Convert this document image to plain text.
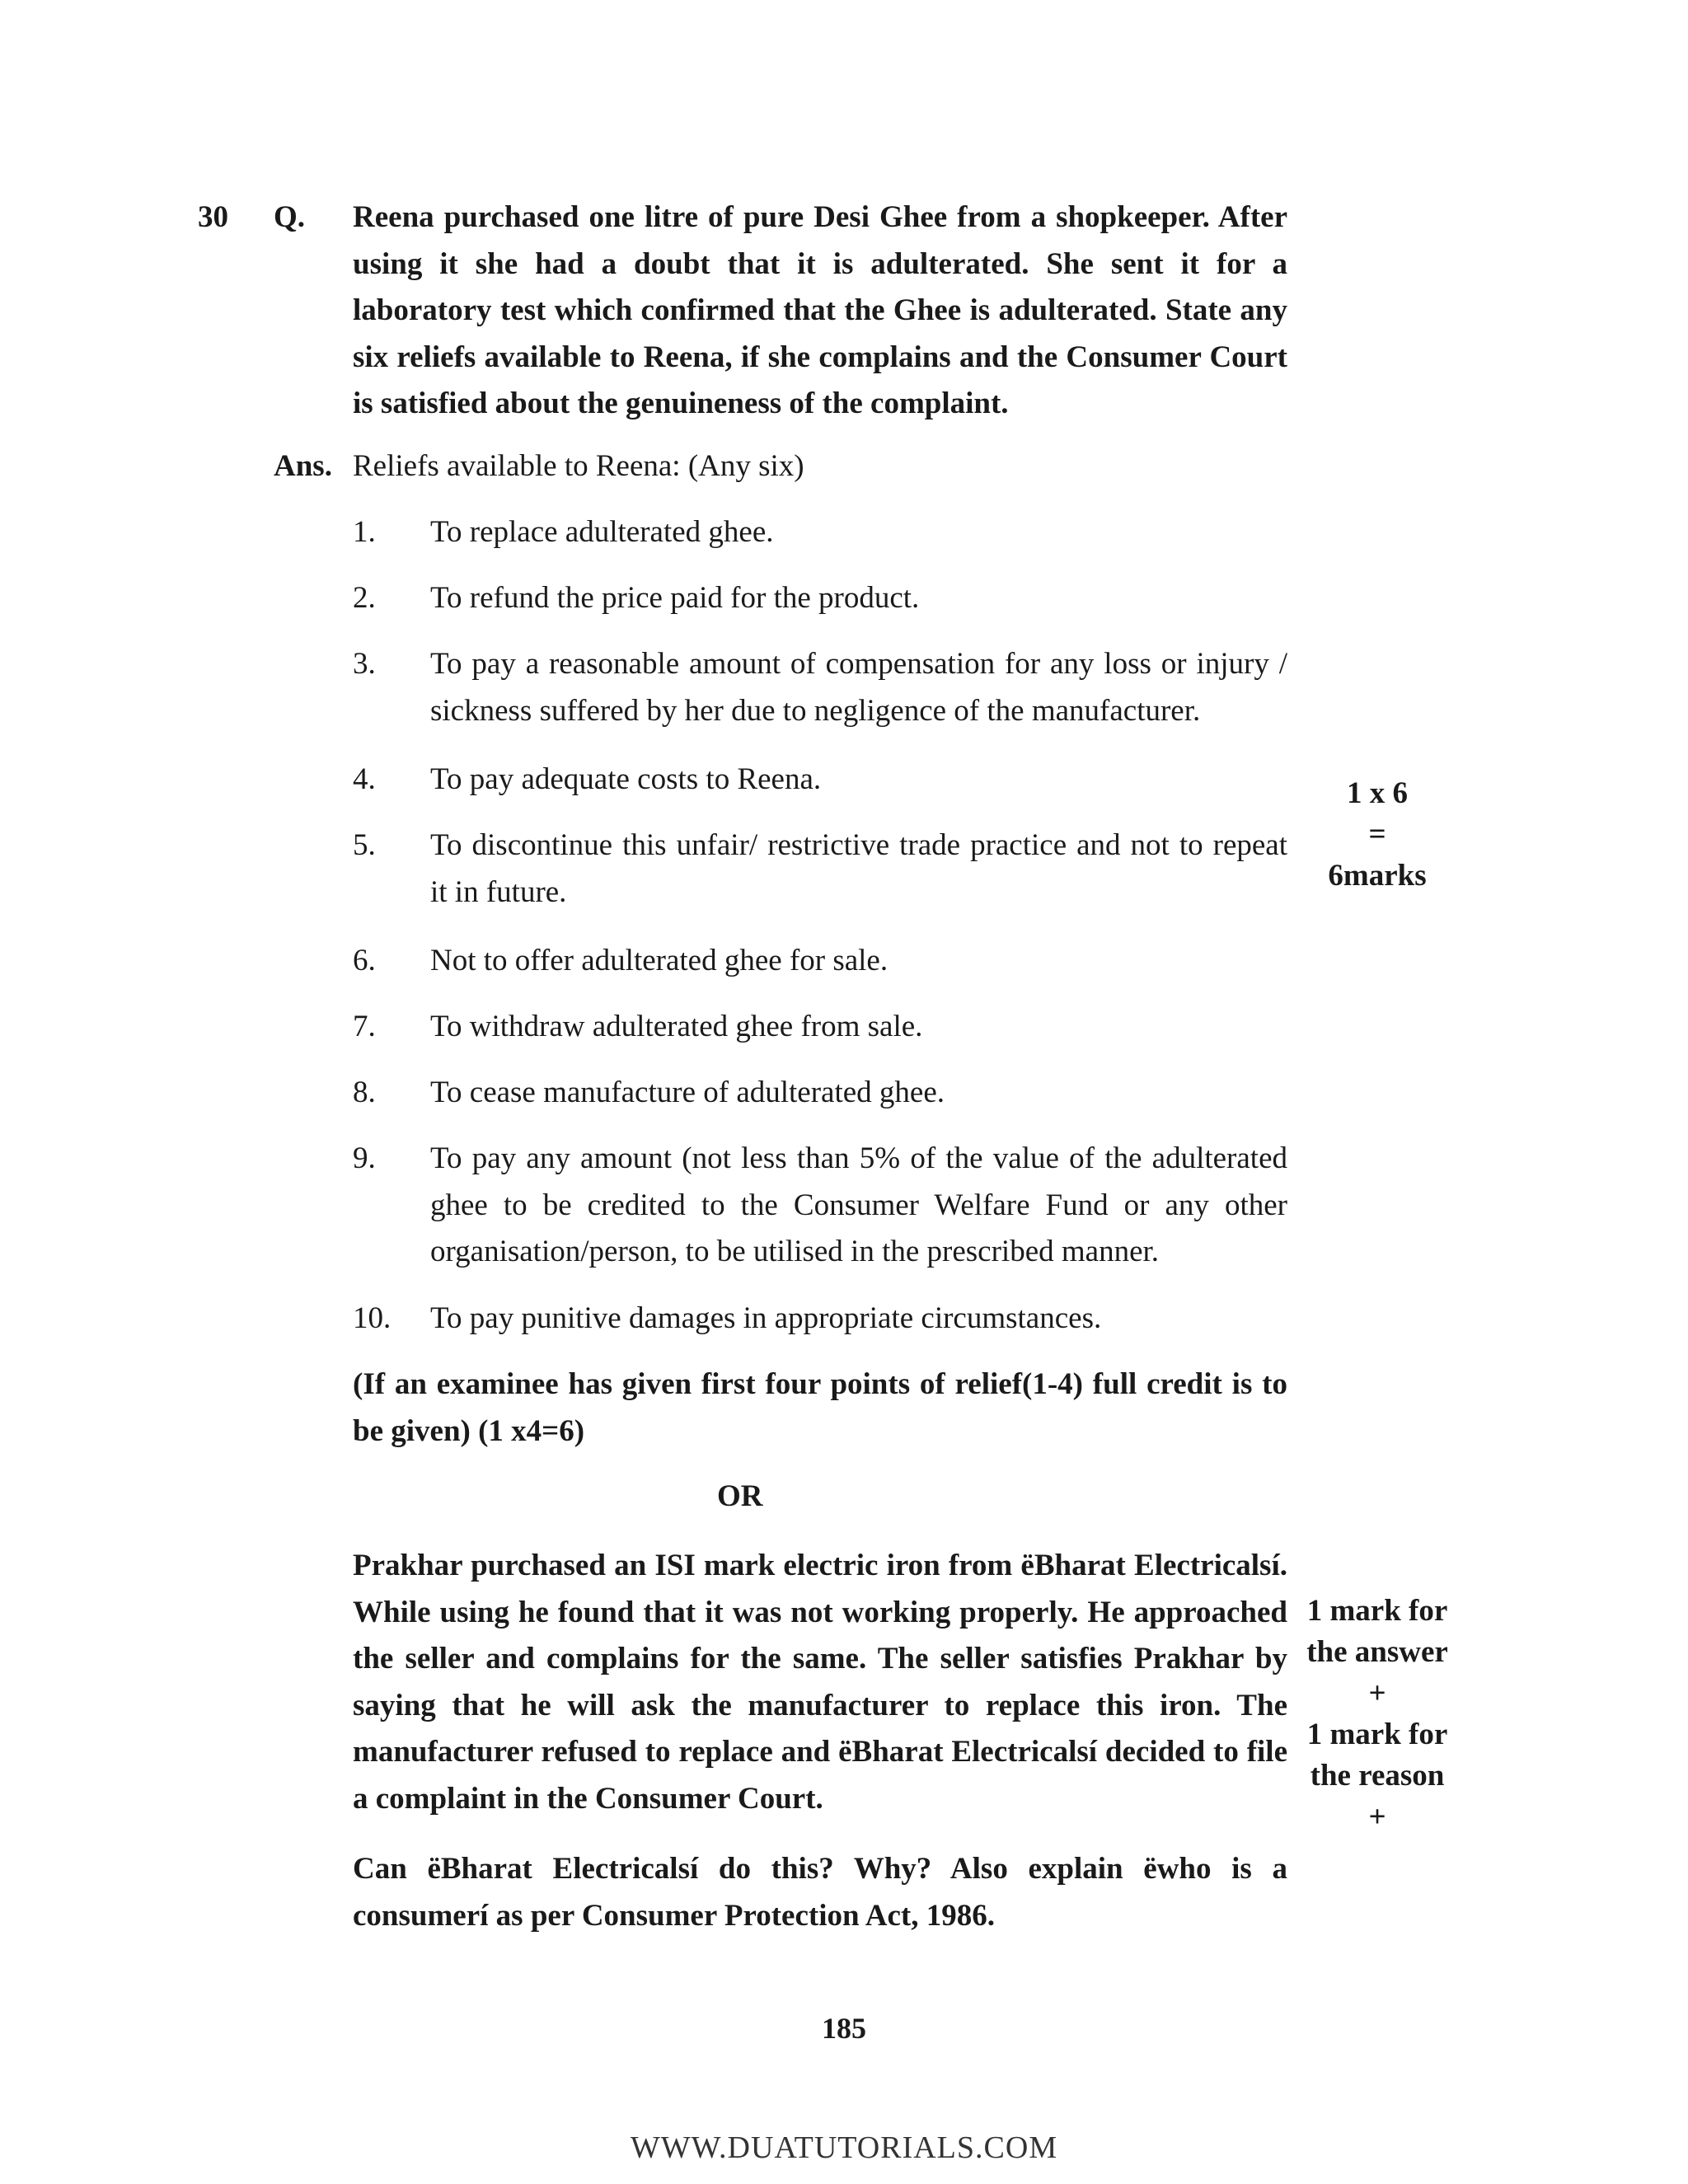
30 Q. Reena purchased one litre of pure Desi Ghee from a shopkeeper. After using it she had a doubt that it is adulterated. She sent it for a laboratory test which confirmed that the Ghee is adulterated. State any six reliefs available to Reena, if she complains and the Consumer Court is satisfied about the genuineness of the complaint.
Ans. Reliefs available to Reena: (Any six)
1.	To replace adulterated ghee.
2.	To refund the price paid for the product.
3.	To pay a reasonable amount of compensation for any loss or injury / sickness suffered by her due to negligence of the manufacturer.
4.	To pay adequate costs to Reena.
5.	To discontinue this unfair/ restrictive trade practice and not to repeat it in future.
6.	Not to offer adulterated ghee for sale.
7.	To withdraw adulterated ghee from sale.
8.	To cease manufacture of adulterated ghee.
9.	To pay any amount (not less than 5% of the value of the adulterated ghee to be credited to the Consumer Welfare Fund or any other organisation/person, to be utilised in the prescribed manner.
10.	To pay punitive damages in appropriate circumstances.
(If an examinee has given first four points of relief(1-4) full credit is to be given) (1 x4=6)
1 x 6
=
6marks
OR
Prakhar purchased an ISI mark electric iron from ëBharat Electricalsí. While using he found that it was not working properly. He approached the seller and complains for the same. The seller satisfies Prakhar by saying that he will ask the manufacturer to replace this iron. The manufacturer refused to replace and ëBharat Electricalsí decided to file a complaint in the Consumer Court.
Can ëBharat Electricalsí do this? Why? Also explain ëwho is a consumerí as per Consumer Protection Act, 1986.
1 mark for
the answer
+
1 mark for
the reason
+
185
WWW.DUATUTORIALS.COM
